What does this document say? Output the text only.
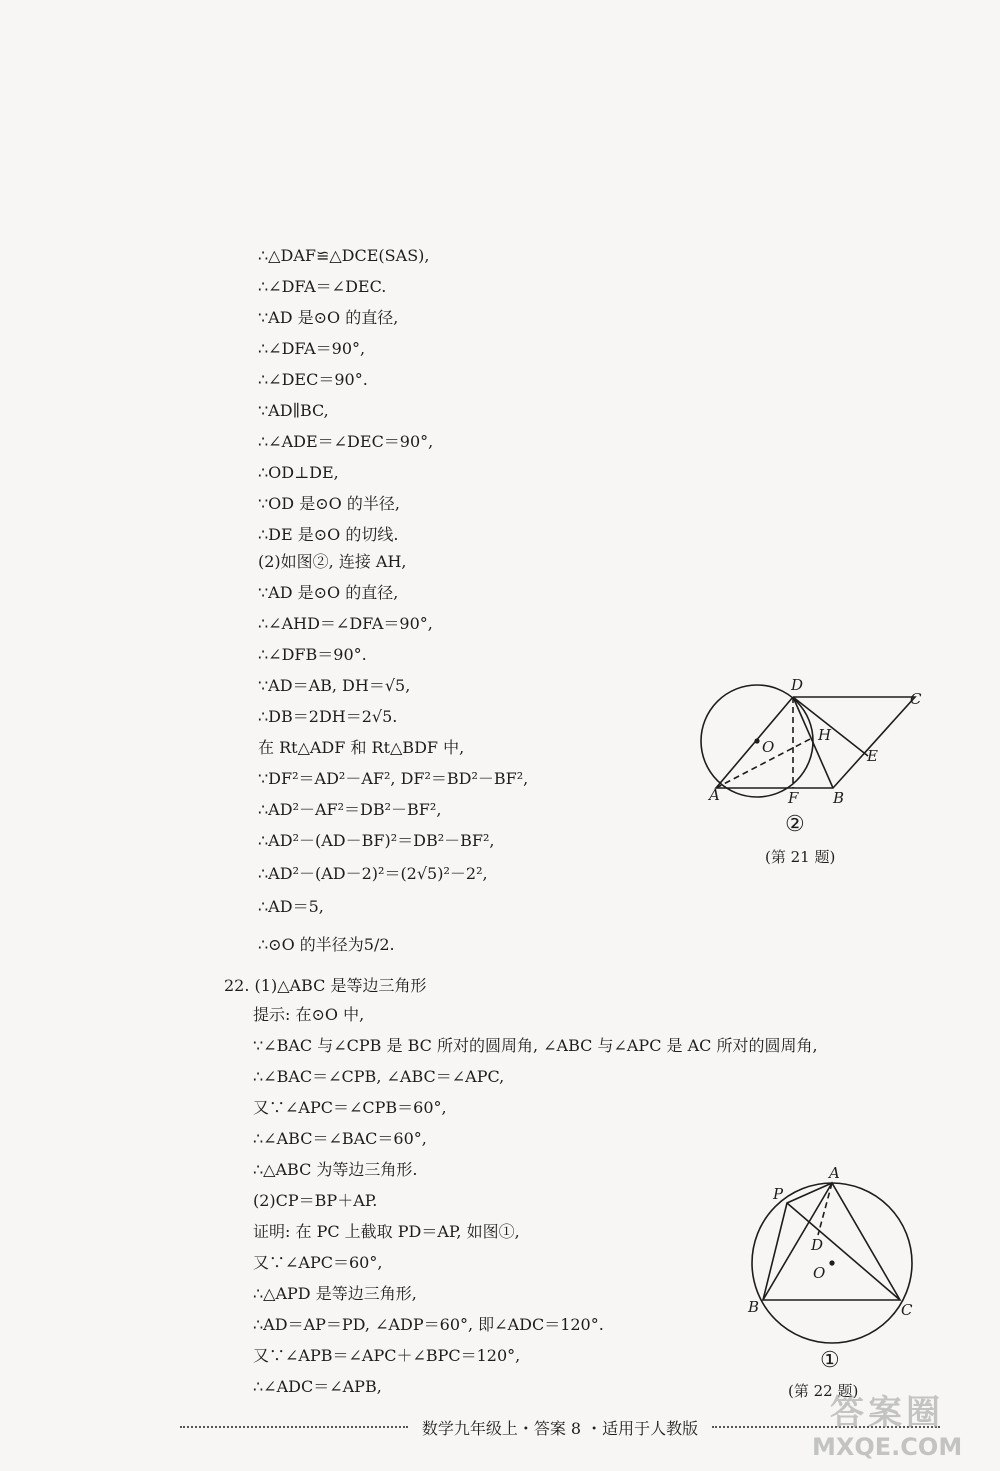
∴△DAF≌△DCE(SAS),
∴∠DFA＝∠DEC.
∵AD 是⊙O 的直径,
∴∠DFA＝90°,
∴∠DEC＝90°.
∵AD∥BC,
∴∠ADE＝∠DEC＝90°,
∴OD⊥DE,
∵OD 是⊙O 的半径,
∴DE 是⊙O 的切线.
(2)如图②, 连接 AH,
∵AD 是⊙O 的直径,
∴∠AHD＝∠DFA＝90°,
∴∠DFB＝90°.
∵AD＝AB, DH＝√5,
∴DB＝2DH＝2√5.
在 Rt△ADF 和 Rt△BDF 中,
∵DF²＝AD²－AF², DF²＝BD²－BF²,
∴AD²－AF²＝DB²－BF²,
∴AD²－(AD－BF)²＝DB²－BF²,
∴AD²－(AD－2)²＝(2√5)²－2²,
∴AD＝5,
∴⊙O 的半径为5/2.
22. (1)△ABC 是等边三角形
提示: 在⊙O 中,
∵∠BAC 与∠CPB 是 BC 所对的圆周角, ∠ABC 与∠APC 是 AC 所对的圆周角,
∴∠BAC＝∠CPB, ∠ABC＝∠APC,
又∵∠APC＝∠CPB＝60°,
∴∠ABC＝∠BAC＝60°,
∴△ABC 为等边三角形.
(2)CP＝BP＋AP.
证明: 在 PC 上截取 PD＝AP, 如图①,
又∵∠APC＝60°,
∴△APD 是等边三角形,
∴AD＝AP＝PD, ∠ADP＝60°, 即∠ADC＝120°.
又∵∠APB＝∠APC＋∠BPC＝120°,
∴∠ADC＝∠APB,
D
C
O
H
E
A	F B
②
(第 21 题)
A
P
D
O
B	C
①
(第 22 题)
数学九年级上・答案 8 ・适用于人教版	答案圈
MXQE.COM
